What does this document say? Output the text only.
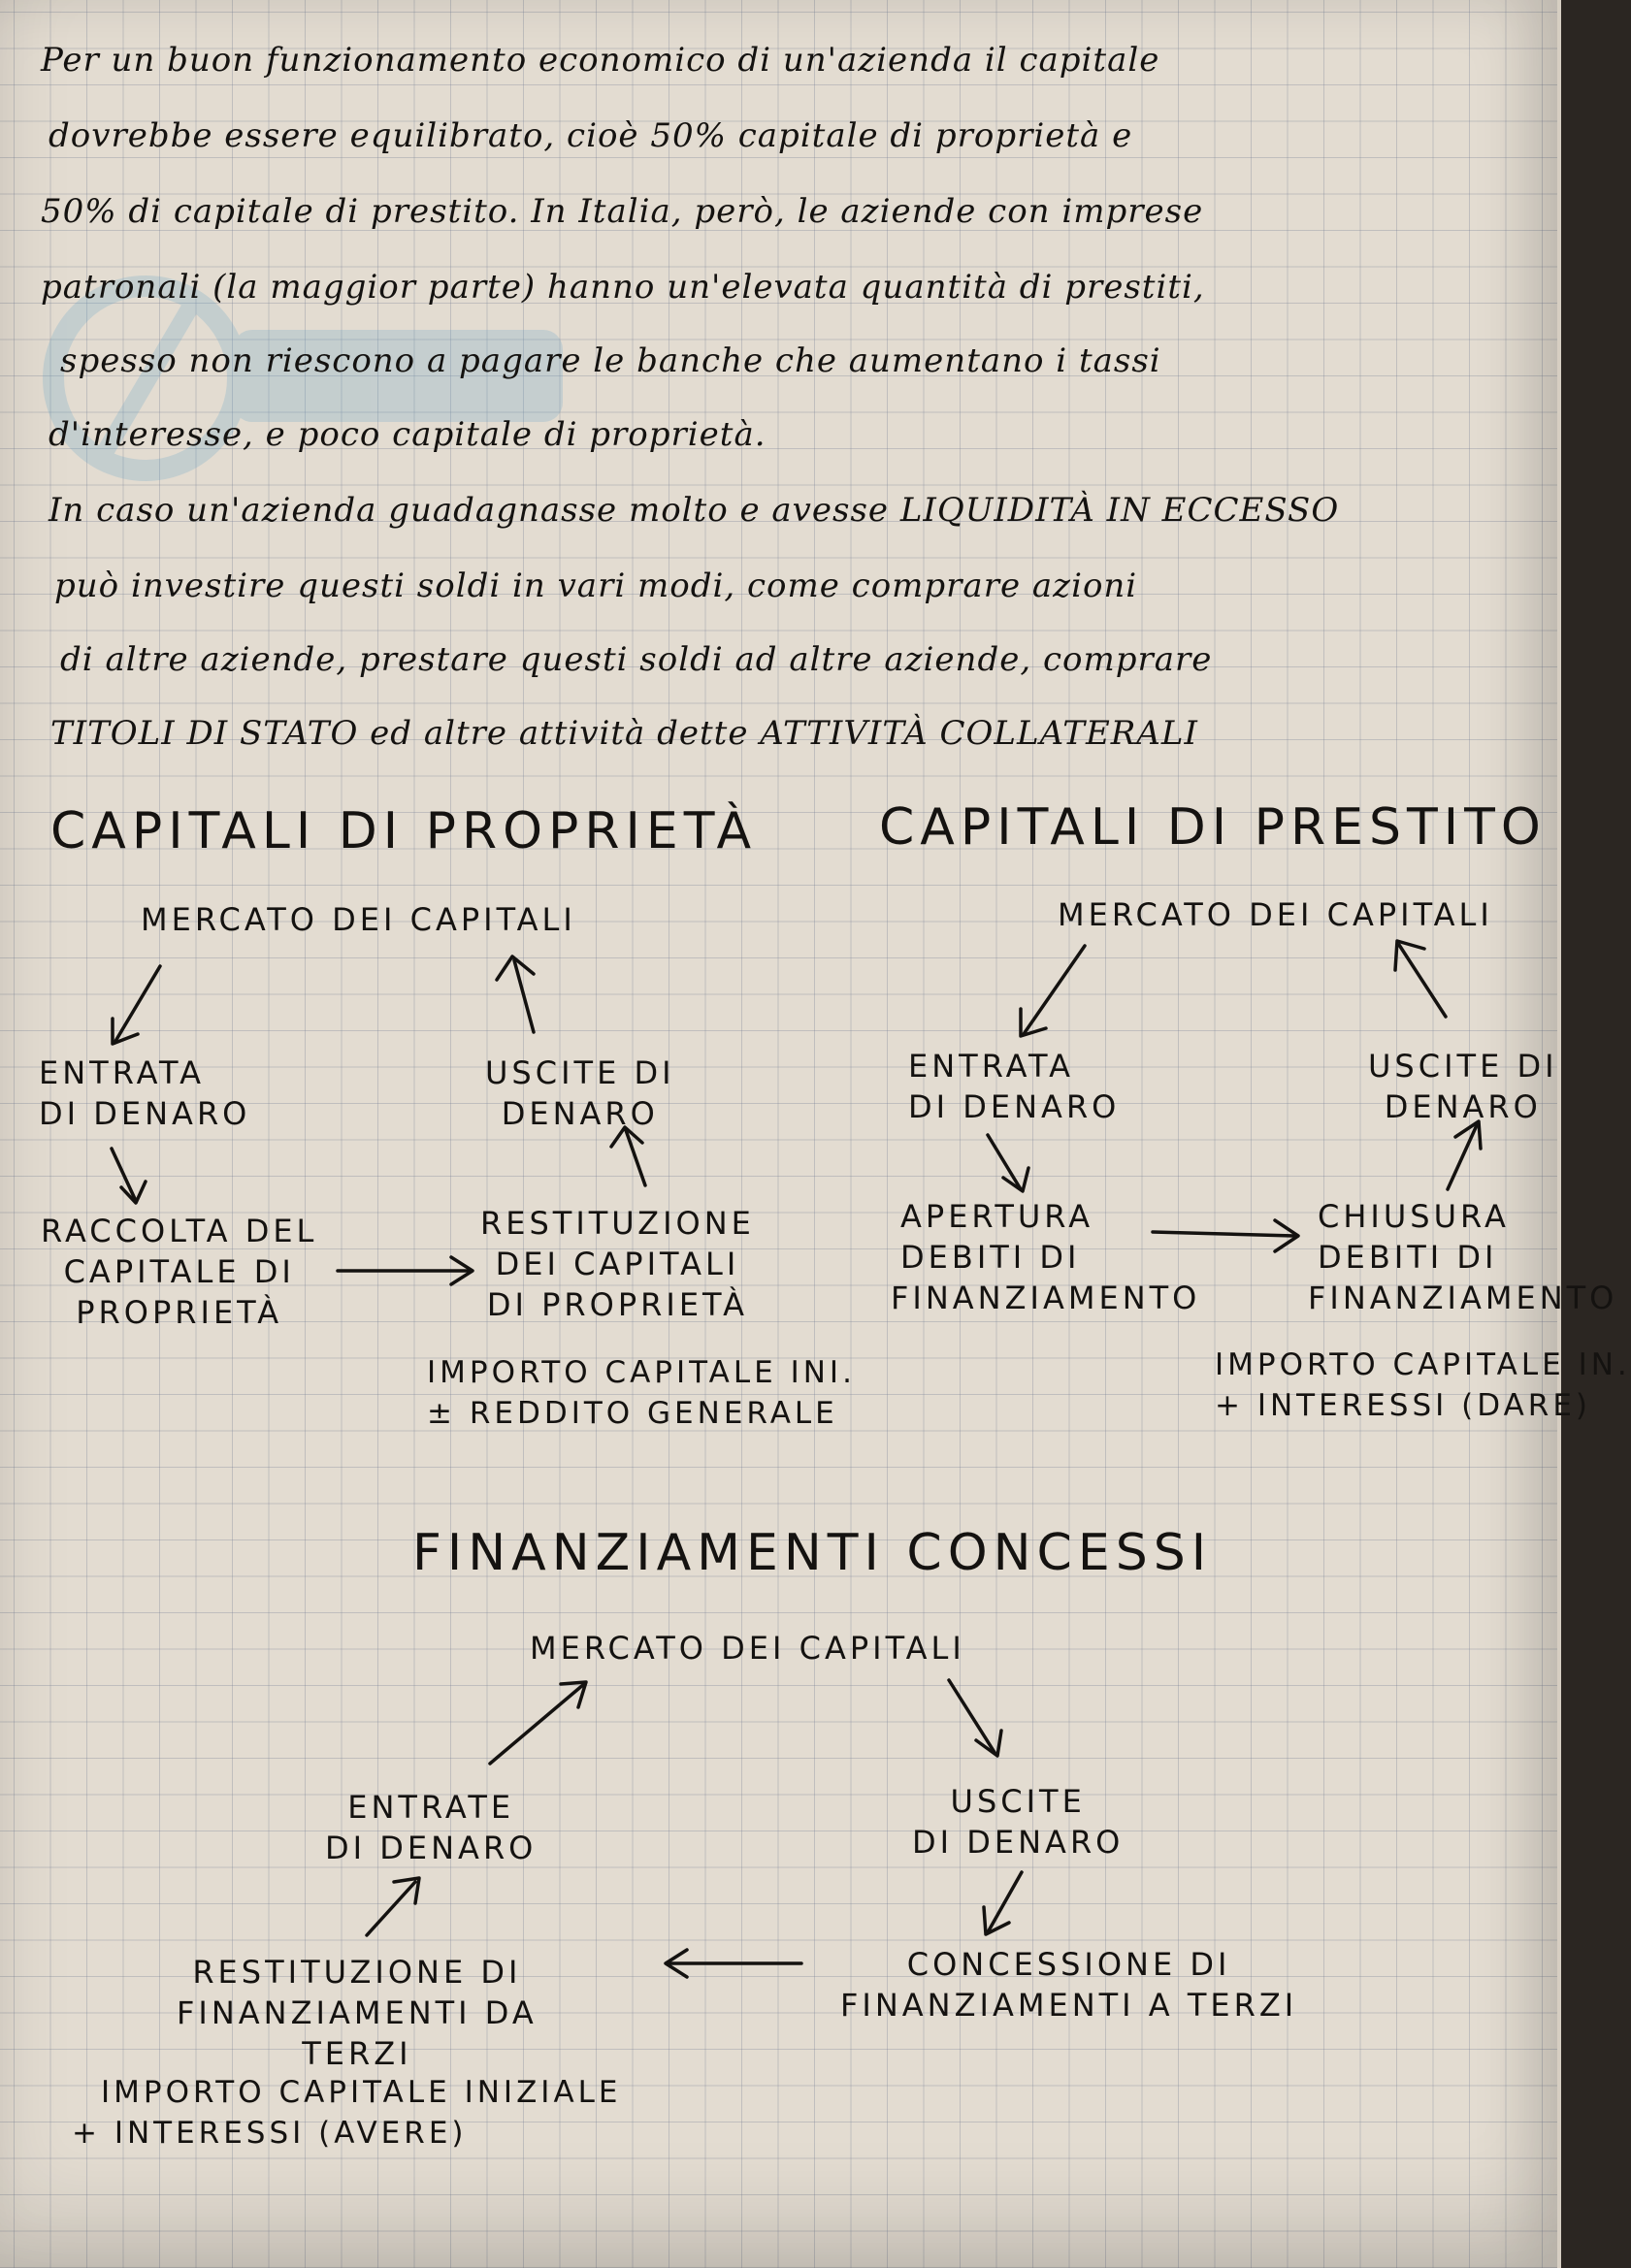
Per un buon funzionamento economico di un'azienda il capitale
dovrebbe essere equilibrato, cioè 50% capitale di proprietà e
50% di capitale di prestito. In Italia, però, le aziende con imprese
patronali (la maggior parte) hanno un'elevata quantità di prestiti,
spesso non riescono a pagare le banche che aumentano i tassi
d'interesse, e poco capitale di proprietà.
In caso un'azienda guadagnasse molto e avesse LIQUIDITÀ IN ECCESSO
può investire questi soldi in vari modi, come comprare azioni
di altre aziende, prestare questi soldi ad altre aziende, comprare
TITOLI DI STATO ed altre attività dette ATTIVITÀ COLLATERALI
CAPITALI DI PROPRIETÀ
MERCATO DEI CAPITALI
ENTRATA
DI DENARO
USCITE DI
DENARO
RACCOLTA DEL
CAPITALE DI
PROPRIETÀ
RESTITUZIONE
DEI CAPITALI
DI PROPRIETÀ
IMPORTO CAPITALE INI.
± REDDITO GENERALE
CAPITALI DI PRESTITO
MERCATO DEI CAPITALI
ENTRATA
DI DENARO
USCITE DI
DENARO
APERTURA
DEBITI DI
FINANZIAMENTO
CHIUSURA
DEBITI DI
FINANZIAMENTO
IMPORTO CAPITALE IN.
+ INTERESSI (DARE)
FINANZIAMENTI CONCESSI
MERCATO DEI CAPITALI
ENTRATE
DI DENARO
USCITE
DI DENARO
RESTITUZIONE DI
FINANZIAMENTI DA
TERZI
CONCESSIONE DI
FINANZIAMENTI A TERZI
IMPORTO CAPITALE INIZIALE
+ INTERESSI (AVERE)
